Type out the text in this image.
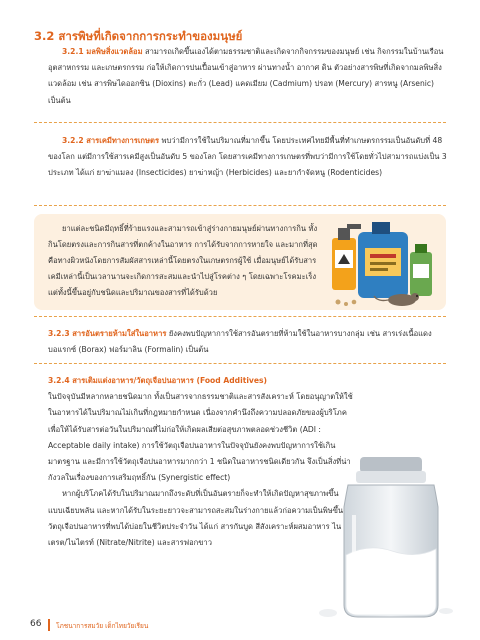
3.2 สารพิษที่เกิดจากการกระทำของมนุษย์

3.2.1 มลพิษสิ่งแวดล้อม สามารถเกิดขึ้นเองได้ตามธรรมชาติและเกิดจากกิจกรรมของมนุษย์ เช่น กิจกรรมในบ้านเรือน อุตสาหกรรม และเกษตรกรรม ก่อให้เกิดการปนเปื้อนเข้าสู่อาหาร ผ่านทางน้ำ อากาศ ดิน ตัวอย่างสารพิษที่เกิดจากมลพิษสิ่งแวดล้อม เช่น สารพิษไดออกซิน (Dioxins) ตะกั่ว (Lead) แคดเมียม (Cadmium) ปรอท (Mercury) สารหนู (Arsenic) เป็นต้น

3.2.2 สารเคมีทางการเกษตร พบว่ามีการใช้ในปริมาณที่มากขึ้น โดยประเทศไทยมีพื้นที่ทำเกษตรกรรมเป็นอันดับที่ 48 ของโลก แต่มีการใช้สารเคมีสูงเป็นอันดับ 5 ของโลก โดยสารเคมีทางการเกษตรที่พบว่ามีการใช้โดยทั่วไปสามารถแบ่งเป็น 3 ประเภท ได้แก่ ยาฆ่าแมลง (Insecticides) ยาฆ่าหญ้า (Herbicides) และยากำจัดหนู (Rodenticides)

ยาแต่ละชนิดมีฤทธิ์ที่ร้ายแรงและสามารถเข้าสู่ร่างกายมนุษย์ผ่านทางการกิน ทั้งกินโดยตรงและการกินสารที่ตกค้างในอาหาร การได้รับจากการหายใจ และมากที่สุดคือทางผิวหนังโดยการสัมผัสสารเหล่านี้โดยตรงในเกษตรกรผู้ใช้ เมื่อมนุษย์ได้รับสารเคมีเหล่านี้เป็นเวลานานจะเกิดการสะสมและนำไปสู่โรคต่าง ๆ โดยเฉพาะโรคมะเร็ง แต่ทั้งนี้ขึ้นอยู่กับชนิดและปริมาณของสารที่ได้รับด้วย

3.2.3 สารอันตรายห้ามใส่ในอาหาร ยังคงพบปัญหาการใช้สารอันตรายที่ห้ามใช้ในอาหารบางกลุ่ม เช่น สารเร่งเนื้อแดง บอแรกซ์ (Borax) ฟอร์มาลิน (Formalin) เป็นต้น

3.2.4 สารเติมแต่งอาหาร/วัตถุเจือปนอาหาร (Food Additives)
ในปัจจุบันมีหลากหลายชนิดมาก ทั้งเป็นสารจากธรรมชาติและสารสังเคราะห์ โดยอนุญาตให้ใช้ในอาหารได้ในปริมาณไม่เกินที่กฎหมายกำหนด เนื่องจากคำนึงถึงความปลอดภัยของผู้บริโภค เพื่อให้ได้รับสารต่อวันในปริมาณที่ไม่ก่อให้เกิดผลเสียต่อสุขภาพตลอดช่วงชีวิต (ADI : Acceptable daily intake) การใช้วัตถุเจือปนอาหารในปัจจุบันยังคงพบปัญหาการใช้เกินมาตรฐาน และมีการใช้วัตถุเจือปนอาหารมากกว่า 1 ชนิดในอาหารชนิดเดียวกัน จึงเป็นสิ่งที่น่ากังวลในเรื่องของการเสริมฤทธิ์กัน (Synergistic effect)
หากผู้บริโภคได้รับในปริมาณมากถึงระดับที่เป็นอันตรายก็จะทำให้เกิดปัญหาสุขภาพขึ้นแบบเฉียบพลัน และหากได้รับในระยะยาวจะสามารถสะสมในร่างกายแล้วก่อความเป็นพิษขึ้น วัตถุเจือปนอาหารที่พบได้บ่อยในชีวิตประจำวัน ได้แก่ สารกันบูด สีสังเคราะห์ผสมอาหาร ไนเตรต/ไนไตรท์ (Nitrate/Nitrite) และสารฟอกขาว

66 โภชนาการสมวัย เด็กไทยวัยเรียน
